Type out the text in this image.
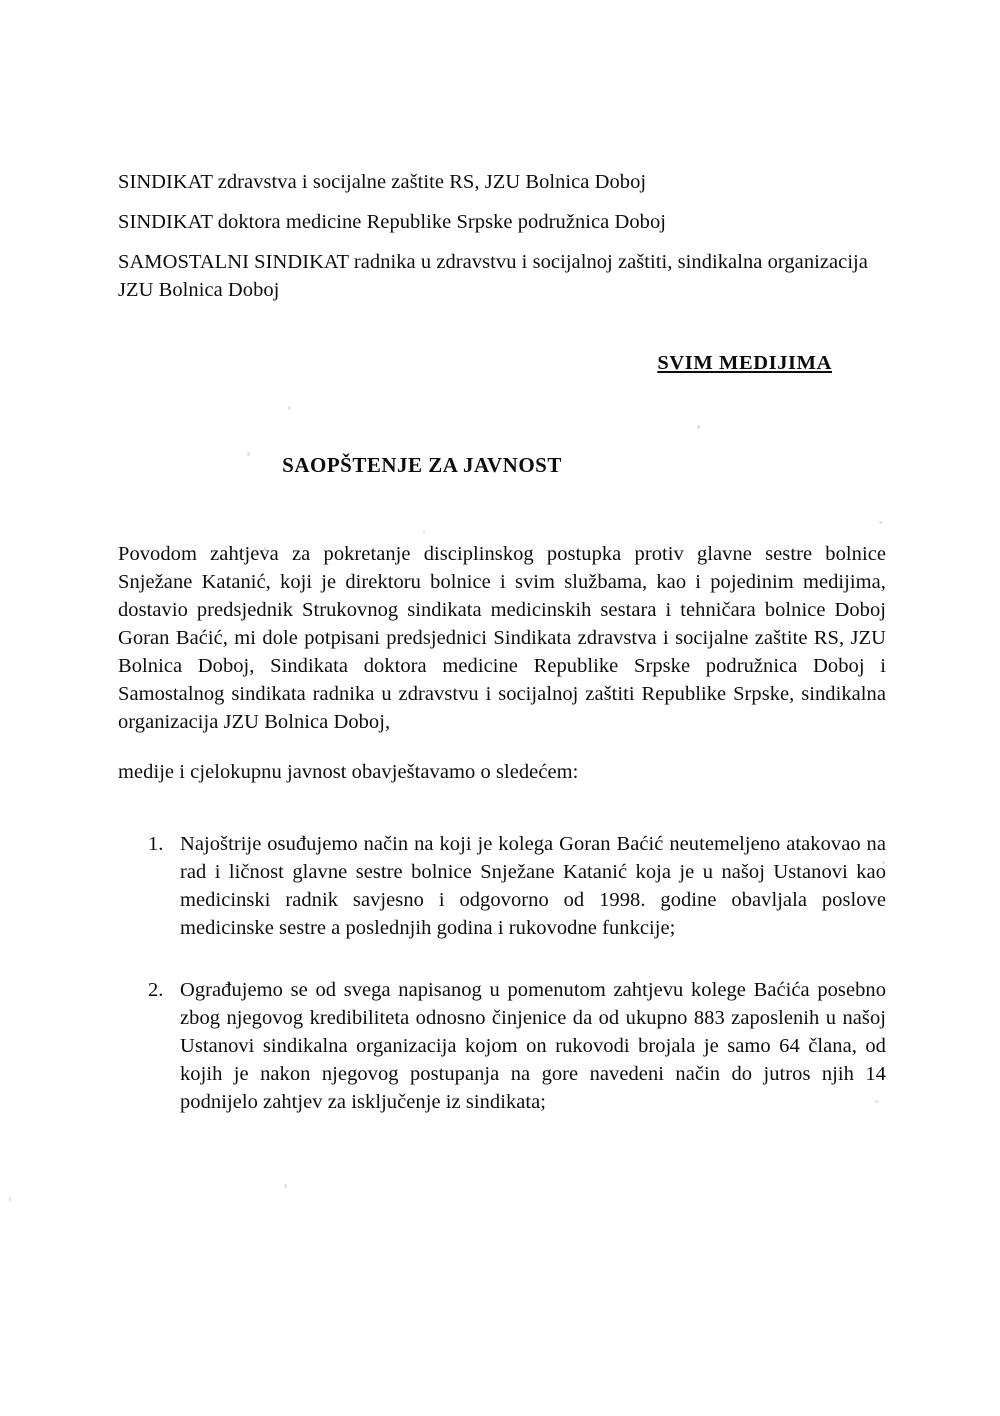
SINDIKAT zdravstva i socijalne zaštite RS, JZU Bolnica Doboj

SINDIKAT doktora medicine Republike Srpske podružnica Doboj

SAMOSTALNI SINDIKAT radnika u zdravstvu i socijalnoj zaštiti, sindikalna organizacija JZU Bolnica Doboj

SVIM MEDIJIMA
SAOPŠTENJE ZA JAVNOST

Povodom zahtjeva za pokretanje disciplinskog postupka protiv glavne sestre bolnice Snježane Katanić, koji je direktoru bolnice i svim službama, kao i pojedinim medijima, dostavio predsjednik Strukovnog sindikata medicinskih sestara i tehničara bolnice Doboj Goran Baćić, mi dole potpisani predsjednici Sindikata zdravstva i socijalne zaštite RS, JZU Bolnica Doboj, Sindikata doktora medicine Republike Srpske podružnica Doboj i Samostalnog sindikata radnika u zdravstvu i socijalnoj zaštiti Republike Srpske, sindikalna organizacija JZU Bolnica Doboj,

medije i cjelokupnu javnost obavještavamo o sledećem:

1. Najoštrije osuđujemo način na koji je kolega Goran Baćić neutemeljeno atakovao na rad i ličnost glavne sestre bolnice Snježane Katanić koja je u našoj Ustanovi kao medicinski radnik savjesno i odgovorno od 1998. godine obavljala poslove medicinske sestre a poslednjih godina i rukovodne funkcije;
2. Ograđujemo se od svega napisanog u pomenutom zahtjevu kolege Baćića posebno zbog njegovog kredibiliteta odnosno činjenice da od ukupno 883 zaposlenih u našoj Ustanovi sindikalna organizacija kojom on rukovodi brojala je samo 64 člana, od kojih je nakon njegovog postupanja na gore navedeni način do jutros njih 14 podnijelo zahtjev za isključenje iz sindikata;
